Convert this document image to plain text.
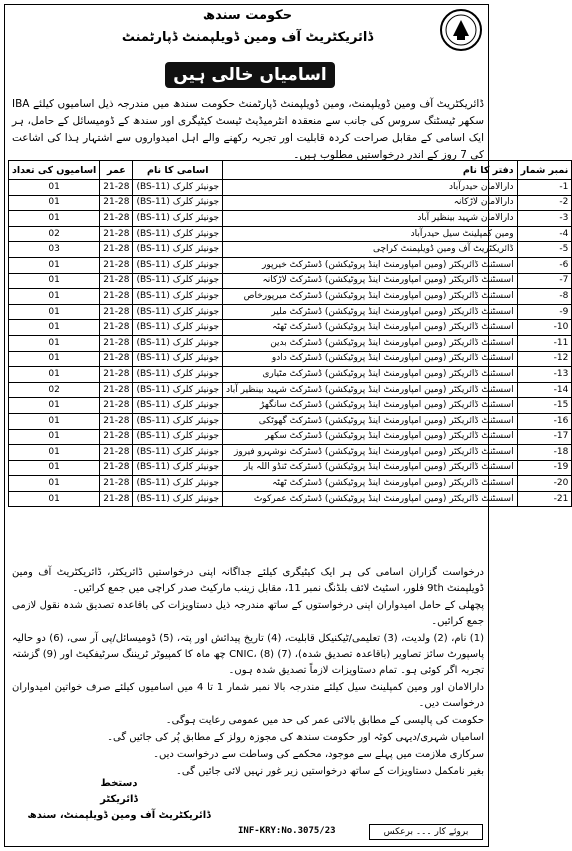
حکومت سندھ
ڈائریکٹریٹ آف ومین ڈویلپمنٹ ڈپارٹمنٹ
اسامیاں خالی ہیں
ڈائریکٹریٹ آف ومین ڈویلپمنٹ، ومین ڈویلپمنٹ ڈپارٹمنٹ حکومت سندھ میں مندرجہ ذیل اسامیوں کیلئے IBA سکھر ٹیسٹنگ سروس کی جانب سے منعقدہ انٹرمیڈیٹ ٹیسٹ کیٹیگری اور سندھ کے ڈومیسائل کے حامل، ہر ایک اسامی کے مقابل صراحت کردہ قابلیت اور تجربہ رکھنے والے اہل امیدواروں سے اشتہار ہذا کی اشاعت کی 7 روز کے اندر درخواستیں مطلوب ہیں۔
نمبر شمار	دفتر کا نام	اسامی کا نام	عمر	اسامیوں کی تعداد
1-	دارالامان حیدرآباد	جونیئر کلرک (BS-11)	21-28	01
2-	دارالامان لاڑکانہ	جونیئر کلرک (BS-11)	21-28	01
3-	دارالامان شہید بینظیر آباد	جونیئر کلرک (BS-11)	21-28	01
4-	ومین کمپلینٹ سیل حیدرآباد	جونیئر کلرک (BS-11)	21-28	02
5-	ڈائریکٹریٹ آف ومین ڈویلپمنٹ کراچی	جونیئر کلرک (BS-11)	21-28	03
6-	اسسٹنٹ ڈائریکٹر (ومین امپاورمنٹ اینڈ پروٹیکشن) ڈسٹرکٹ خیرپور	جونیئر کلرک (BS-11)	21-28	01
7-	اسسٹنٹ ڈائریکٹر (ومین امپاورمنٹ اینڈ پروٹیکشن) ڈسٹرکٹ لاڑکانہ	جونیئر کلرک (BS-11)	21-28	01
8-	اسسٹنٹ ڈائریکٹر (ومین امپاورمنٹ اینڈ پروٹیکشن) ڈسٹرکٹ میرپورخاص	جونیئر کلرک (BS-11)	21-28	01
9-	اسسٹنٹ ڈائریکٹر (ومین امپاورمنٹ اینڈ پروٹیکشن) ڈسٹرکٹ ملیر	جونیئر کلرک (BS-11)	21-28	01
10-	اسسٹنٹ ڈائریکٹر (ومین امپاورمنٹ اینڈ پروٹیکشن) ڈسٹرکٹ ٹھٹہ	جونیئر کلرک (BS-11)	21-28	01
11-	اسسٹنٹ ڈائریکٹر (ومین امپاورمنٹ اینڈ پروٹیکشن) ڈسٹرکٹ بدین	جونیئر کلرک (BS-11)	21-28	01
12-	اسسٹنٹ ڈائریکٹر (ومین امپاورمنٹ اینڈ پروٹیکشن) ڈسٹرکٹ دادو	جونیئر کلرک (BS-11)	21-28	01
13-	اسسٹنٹ ڈائریکٹر (ومین امپاورمنٹ اینڈ پروٹیکشن) ڈسٹرکٹ مٹیاری	جونیئر کلرک (BS-11)	21-28	01
14-	اسسٹنٹ ڈائریکٹر (ومین امپاورمنٹ اینڈ پروٹیکشن) ڈسٹرکٹ شہید بینظیر آباد	جونیئر کلرک (BS-11)	21-28	02
15-	اسسٹنٹ ڈائریکٹر (ومین امپاورمنٹ اینڈ پروٹیکشن) ڈسٹرکٹ سانگھڑ	جونیئر کلرک (BS-11)	21-28	01
16-	اسسٹنٹ ڈائریکٹر (ومین امپاورمنٹ اینڈ پروٹیکشن) ڈسٹرکٹ گھوٹکی	جونیئر کلرک (BS-11)	21-28	01
17-	اسسٹنٹ ڈائریکٹر (ومین امپاورمنٹ اینڈ پروٹیکشن) ڈسٹرکٹ سکھر	جونیئر کلرک (BS-11)	21-28	01
18-	اسسٹنٹ ڈائریکٹر (ومین امپاورمنٹ اینڈ پروٹیکشن) ڈسٹرکٹ نوشہرو فیروز	جونیئر کلرک (BS-11)	21-28	01
19-	اسسٹنٹ ڈائریکٹر (ومین امپاورمنٹ اینڈ پروٹیکشن) ڈسٹرکٹ ٹنڈو اللہ یار	جونیئر کلرک (BS-11)	21-28	01
20-	اسسٹنٹ ڈائریکٹر (ومین امپاورمنٹ اینڈ پروٹیکشن) ڈسٹرکٹ ٹھٹہ	جونیئر کلرک (BS-11)	21-28	01
21-	اسسٹنٹ ڈائریکٹر (ومین امپاورمنٹ اینڈ پروٹیکشن) ڈسٹرکٹ عمرکوٹ	جونیئر کلرک (BS-11)	21-28	01

درخواست گزاران اسامی کی ہر ایک کیٹیگری کیلئے جداگانہ اپنی درخواستیں ڈائریکٹر، ڈائریکٹریٹ آف ومین ڈویلپمنٹ 9th فلور، اسٹیٹ لائف بلڈنگ نمبر 11، مقابل زینب مارکیٹ صدر کراچی میں جمع کرائیں۔

پچھلی کے حامل امیدواران اپنی درخواستوں کے ساتھ مندرجہ ذیل دستاویزات کی باقاعدہ تصدیق شدہ نقول لازمی جمع کرائیں۔

(1) نام، (2) ولدیت، (3) تعلیمی/ٹیکنیکل قابلیت، (4) تاریخ پیدائش اور پتہ، (5) ڈومیسائل/پی آر سی، (6) دو حالیہ پاسپورٹ سائز تصاویر (باقاعدہ تصدیق شدہ)، (7) CNIC، (8) چھ ماہ کا کمپیوٹر ٹریننگ سرٹیفکیٹ اور (9) گزشتہ تجربہ اگر کوئی ہو۔ تمام دستاویزات لازماً تصدیق شدہ ہوں۔

دارالامان اور ومین کمپلینٹ سیل کیلئے مندرجہ بالا نمبر شمار 1 تا 4 میں اسامیوں کیلئے صرف خواتین امیدواران درخواست دیں۔

حکومت کی پالیسی کے مطابق بالائی عمر کی حد میں عمومی رعایت ہوگی۔

اسامیاں شہری/دیہی کوٹہ اور حکومت سندھ کی مجوزہ رولز کے مطابق پُر کی جائیں گی۔

سرکاری ملازمت میں پہلے سے موجود، محکمے کی وساطت سے درخواست دیں۔

بغیر نامکمل دستاویزات کے ساتھ درخواستیں زیر غور نہیں لائی جائیں گی۔

دستخط
ڈائریکٹر
ڈائریکٹریٹ آف ومین ڈویلپمنٹ، سندھ
INF-KRY:No.3075/23	بروئے کار ۔۔۔ برعکس
